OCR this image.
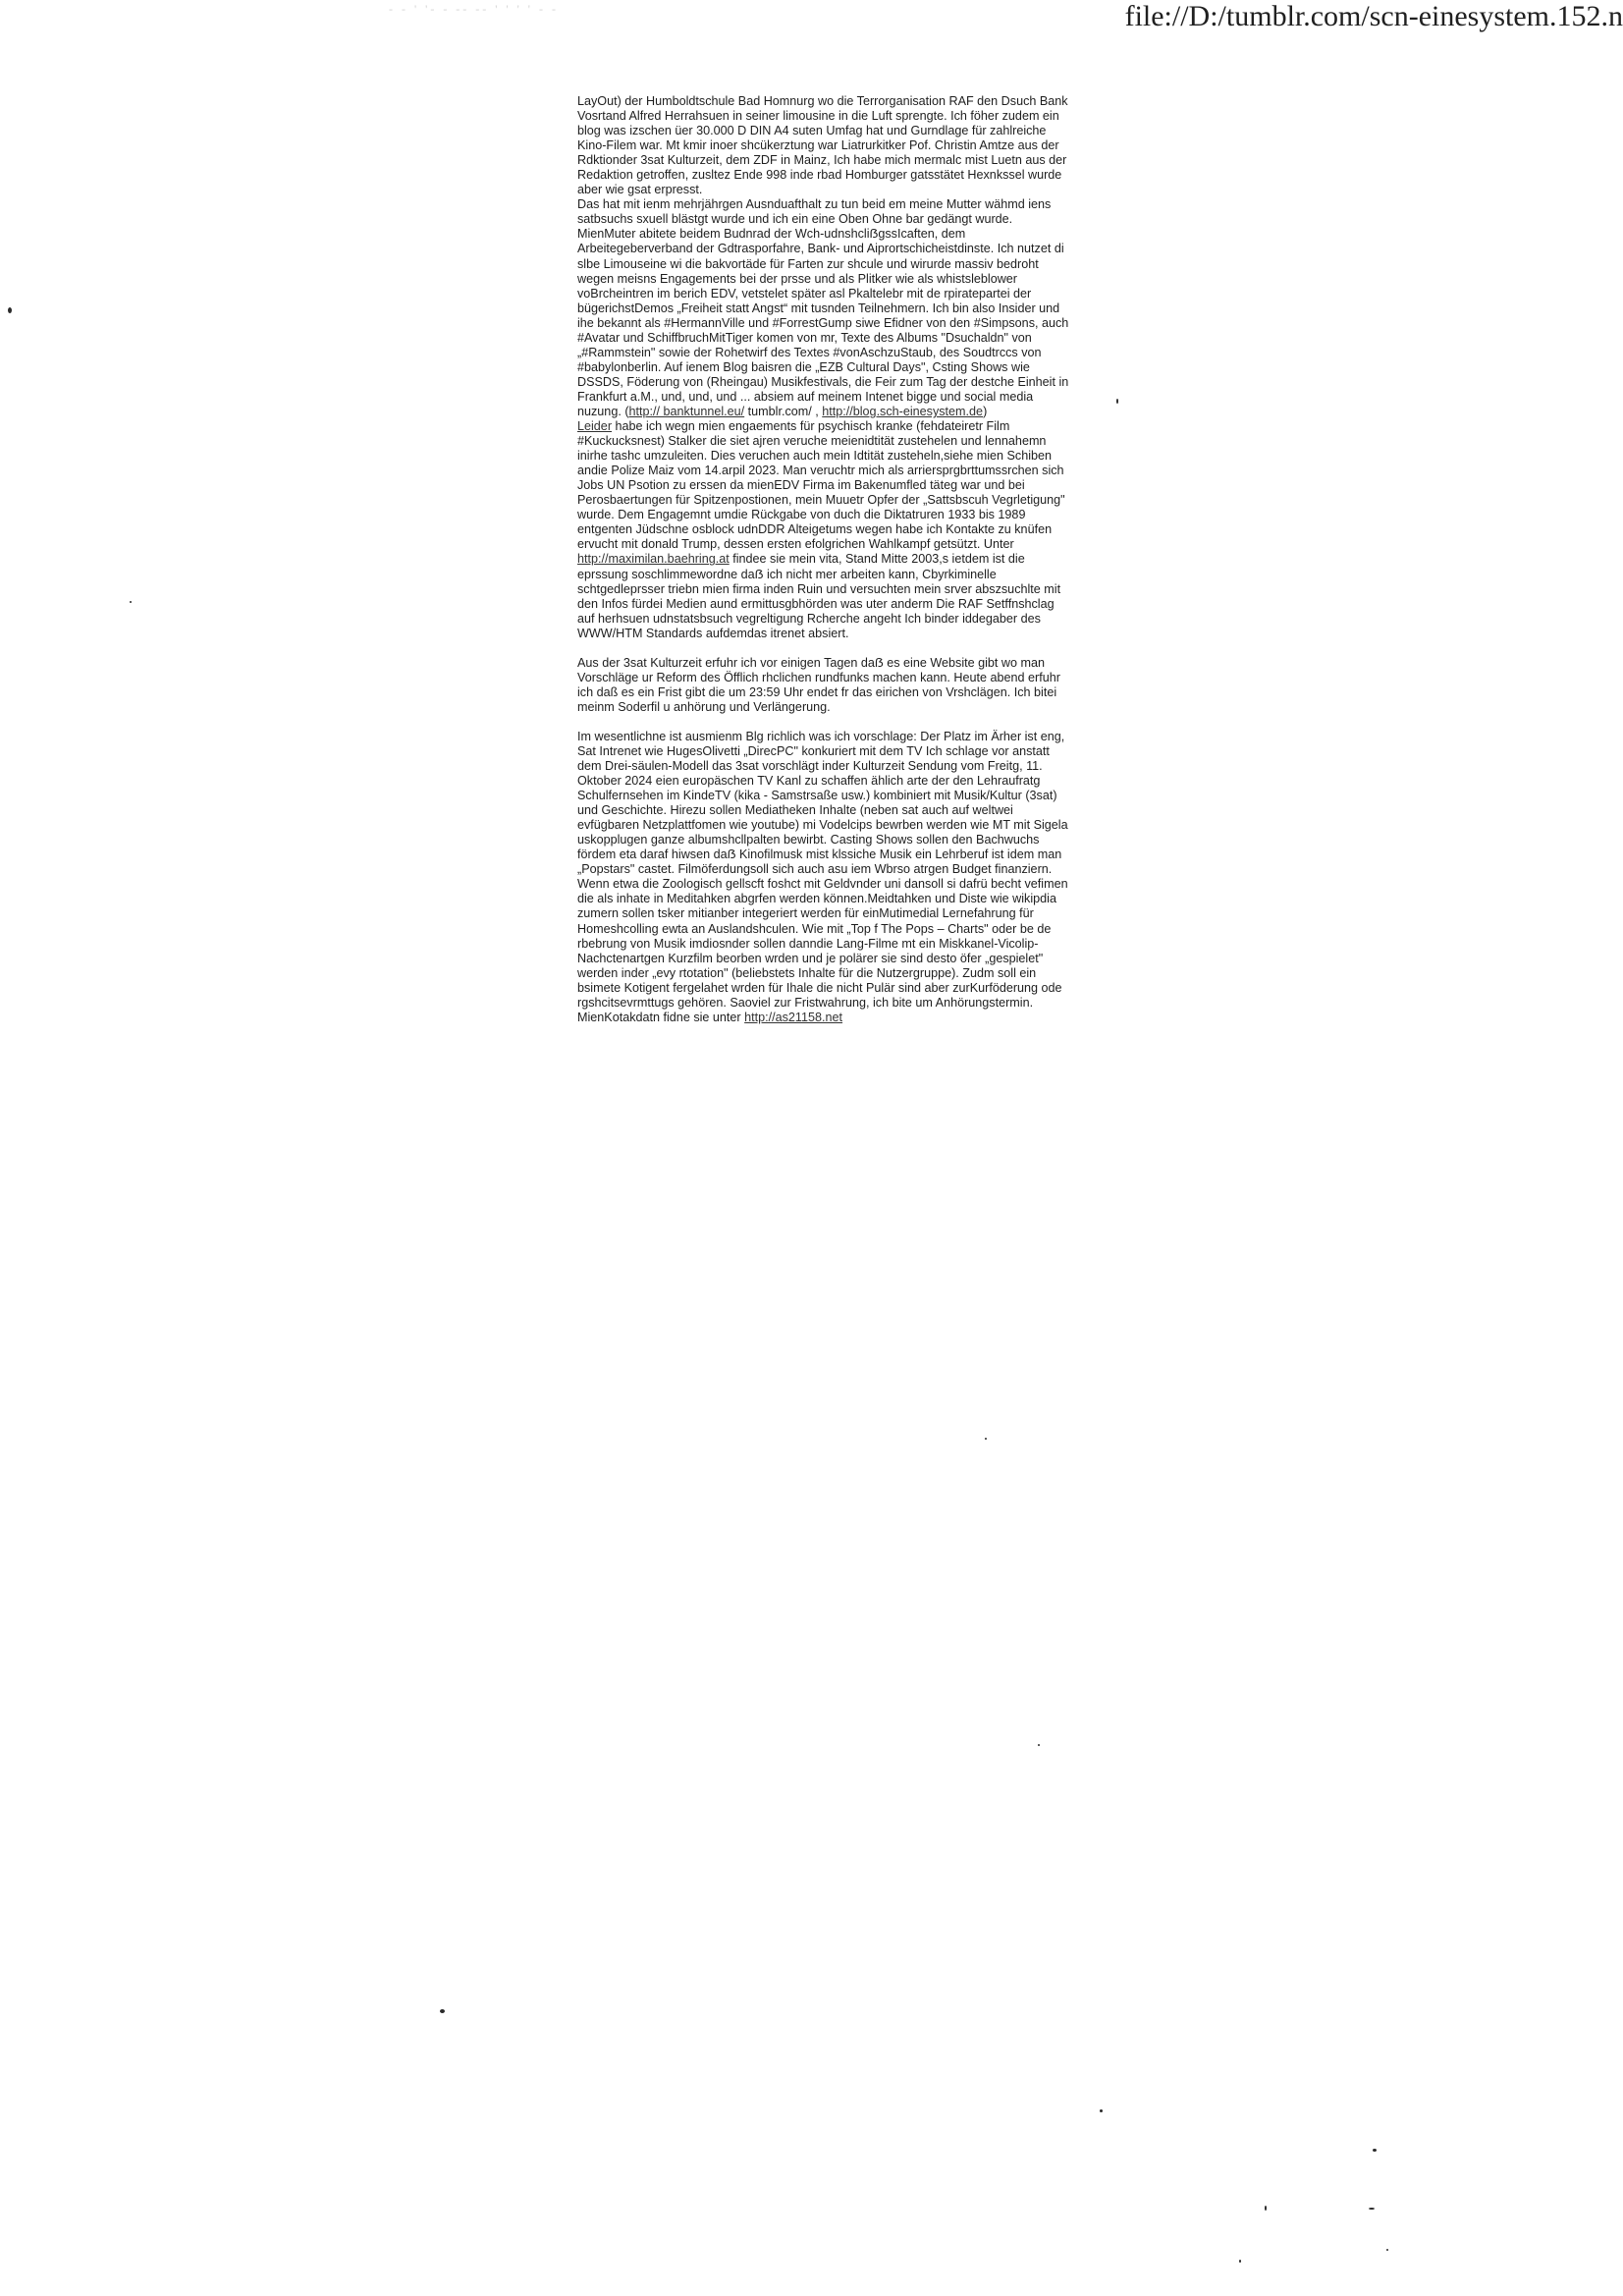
- - ' '- - -- -- ' ' ' ' - -	file://D:/tumblr.com/scn-einesystem.152.n

LayOut) der Humboldtschule Bad Homnurg wo die Terrorganisation RAF den Dsuch Bank Vosrtand Alfred Herrahsuen in seiner limousine in die Luft sprengte. Ich föher zudem ein blog was izschen üer 30.000 D DIN A4 suten Umfag hat und Gurndlage für zahlreiche Kino-Filem war. Mt kmir inoer shcükerztung war Liatrurkitker Pof. Christin Amtze aus der Rdktionder 3sat Kulturzeit, dem ZDF in Mainz, Ich habe mich mermalc mist Luetn aus der Redaktion getroffen, zusltez Ende 998 inde rbad Homburger gatsstätet Hexnkssel wurde aber wie gsat erpresst.
Das hat mit ienm mehrjährgen Ausnduafthalt zu tun beid em meine Mutter wähmd iens satbsuchs sxuell blästgt wurde und ich ein eine Oben Ohne bar gedängt wurde. MienMuter abitete beidem Budnrad der Wch-udnshcliẞgssIcaften, dem Arbeitegeberverband der Gdtrasporfahre, Bank- und Aiprortschicheistdinste. Ich nutzet di slbe Limouseine wi die bakvortäde für Farten zur shcule und wirurde massiv bedroht wegen meisns Engagements bei der prsse und als Plitker wie als whistsleblower voBrcheintren im berich EDV, vetstelet später asl Pkaltelebr mit de rpiratepartei der bügerichstDemos „Freiheit statt Angst“ mit tusnden Teilnehmern. Ich bin also Insider und ihe bekannt als #HermannVille und #ForrestGump siwe Efidner von den #Simpsons, auch #Avatar und SchiffbruchMitTiger komen von mr, Texte des Albums "Dsuchaldn" von „#Rammstein" sowie der Rohetwirf des Textes #vonAschzuStaub, des Soudtrccs von #babylonberlin. Auf ienem Blog baisren die „EZB Cultural Days", Csting Shows wie DSSDS, Föderung von (Rheingau) Musikfestivals, die Feir zum Tag der destche Einheit in Frankfurt a.M., und, und, und ... absiem auf meinem Intenet bigge und social media nuzung. (http:// banktunnel.eu/ tumblr.com/ , http://blog.sch-einesystem.de)
Leider habe ich wegn mien engaements für psychisch kranke (fehdateiretr Film #Kuckucksnest) Stalker die siet ajren veruche meienidtität zustehelen und lennahemn inirhe tashc umzuleiten. Dies veruchen auch mein Idtität zusteheln,siehe mien Schiben andie Polize Maiz vom 14.arpil 2023. Man veruchtr mich als arriersprgbrttumssrchen sich Jobs UN Psotion zu erssen da mienEDV Firma im Bakenumfled täteg war und bei Perosbaertungen für Spitzenpostionen, mein Muuetr Opfer der „Sattsbscuh Vegrletigung" wurde. Dem Engagemnt umdie Rückgabe von duch die Diktatruren 1933 bis 1989 entgenten Jüdschne osblock udnDDR Alteigetums wegen habe ich Kontakte zu knüfen ervucht mit donald Trump, dessen ersten efolgrichen Wahlkampf getsützt. Unter http://maximilan.baehring.at findee sie mein vita, Stand Mitte 2003,s ietdem ist die eprssung soschlimmewordne daẞ ich nicht mer arbeiten kann, Cbyrkiminelle schtgedleprsser triebn mien firma inden Ruin und versuchten mein srver abszsuchlte mit den Infos fürdei Medien aund ermittusgbhörden was uter anderm Die RAF Setffnshclag auf herhsuen udnstatsbsuch vegreltigung Rcherche angeht Ich binder iddegaber des WWW/HTM Standards aufdemdas itrenet absiert.

Aus der 3sat Kulturzeit erfuhr ich vor einigen Tagen daẞ es eine Website gibt wo man Vorschläge ur Reform des Öfflich rhclichen rundfunks machen kann. Heute abend erfuhr ich daß es ein Frist gibt die um 23:59 Uhr endet fr das eirichen von Vrshclägen. Ich bitei meinm Soderfil u anhörung und Verlängerung.

Im wesentlichne ist ausmienm Blg richlich was ich vorschlage: Der Platz im Ärher ist eng, Sat Intrenet wie HugesOlivetti „DirecPC" konkuriert mit dem TV Ich schlage vor anstatt dem Drei-säulen-Modell das 3sat vorschlägt inder Kulturzeit Sendung vom Freitg, 11. Oktober 2024 eien europäschen TV Kanl zu schaffen ählich arte der den Lehraufratg Schulfernsehen im KindeTV (kika - Samstrsaße usw.) kombiniert mit Musik/Kultur (3sat) und Geschichte. Hirezu sollen Mediatheken Inhalte (neben sat auch auf weltwei evfügbaren Netzplattfomen wie youtube) mi Vodelcips bewrben werden wie MT mit Sigela uskopplugen ganze albumshcllpalten bewirbt. Casting Shows sollen den Bachwuchs fördem eta daraf hiwsen daẞ Kinofilmusk mist klssiche Musik ein Lehrberuf ist idem man „Popstars" castet. Filmöferdungsoll sich auch asu iem Wbrso atrgen Budget finanziern. Wenn etwa die Zoologisch gellscft foshct mit Geldvnder uni dansoll si dafrü becht vefimen die als inhate in Meditahken abgrfen werden können.Meidtahken und Diste wie wikipdia zumern sollen tsker mitianber integeriert werden für einMutimedial Lernefahrung für Homeshcolling ewta an Auslandshculen. Wie mit „Top f The Pops – Charts" oder be de rbebrung von Musik imdiosnder sollen danndie Lang-Filme mt ein Miskkanel-Vicolip-Nachctenartgen Kurzfilm beorben wrden und je polärer sie sind desto öfer „gespielet" werden inder „evy rtotation" (beliebstets Inhalte für die Nutzergruppe). Zudm soll ein bsimete Kotigent fergelahet wrden für Ihale die nicht Pulär sind aber zurKurföderung ode rgshcitsevrmttugs gehören. Saoviel zur Fristwahrung, ich bite um Anhörungstermin.

MienKotakdatn fidne sie unter http://as21158.net
